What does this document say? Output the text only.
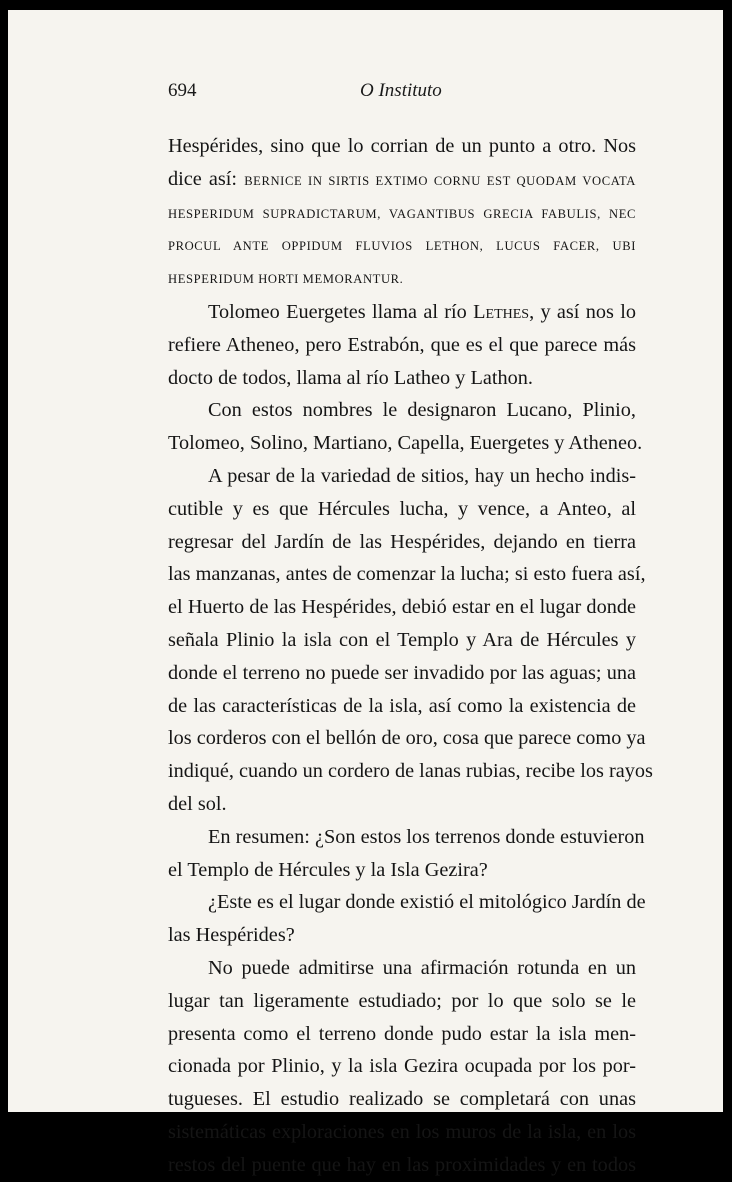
694	O Instituto
Hespérides, sino que lo corrian de un punto a otro. Nos
dice así: BERNICE IN SIRTIS EXTIMO CORNU EST QUODAM VOCATA
HESPERIDUM SUPRADICTARUM, VAGANTIBUS GRECIA FABULIS, NEC
PROCUL ANTE OPPIDUM FLUVIOS LETHON, LUCUS FACER, UBI
HESPERIDUM HORTI MEMORANTUR.
Tolomeo Euergetes llama al río Lethes, y así nos lo
refiere Atheneo, pero Estrabón, que es el que parece más
docto de todos, llama al río Latheo y Lathon.
Con estos nombres le designaron Lucano, Plinio,
Tolomeo, Solino, Martiano, Capella, Euergetes y Atheneo.
A pesar de la variedad de sitios, hay un hecho indis-
cutible y es que Hércules lucha, y vence, a Anteo, al
regresar del Jardín de las Hespérides, dejando en tierra
las manzanas, antes de comenzar la lucha; si esto fuera así,
el Huerto de las Hespérides, debió estar en el lugar donde
señala Plinio la isla con el Templo y Ara de Hércules y
donde el terreno no puede ser invadido por las aguas; una
de las características de la isla, así como la existencia de
los corderos con el bellón de oro, cosa que parece como ya
indiqué, cuando un cordero de lanas rubias, recibe los rayos
del sol.
En resumen: ¿Son estos los terrenos donde estuvieron
el Templo de Hércules y la Isla Gezira?
¿Este es el lugar donde existió el mitológico Jardín de
las Hespérides?
No puede admitirse una afirmación rotunda en un
lugar tan ligeramente estudiado; por lo que solo se le
presenta como el terreno donde pudo estar la isla men-
cionada por Plinio, y la isla Gezira ocupada por los por-
tugueses. El estudio realizado se completará con unas
sistemáticas exploraciones en los muros de la isla, en los
restos del puente que hay en las proximidades y en todos
